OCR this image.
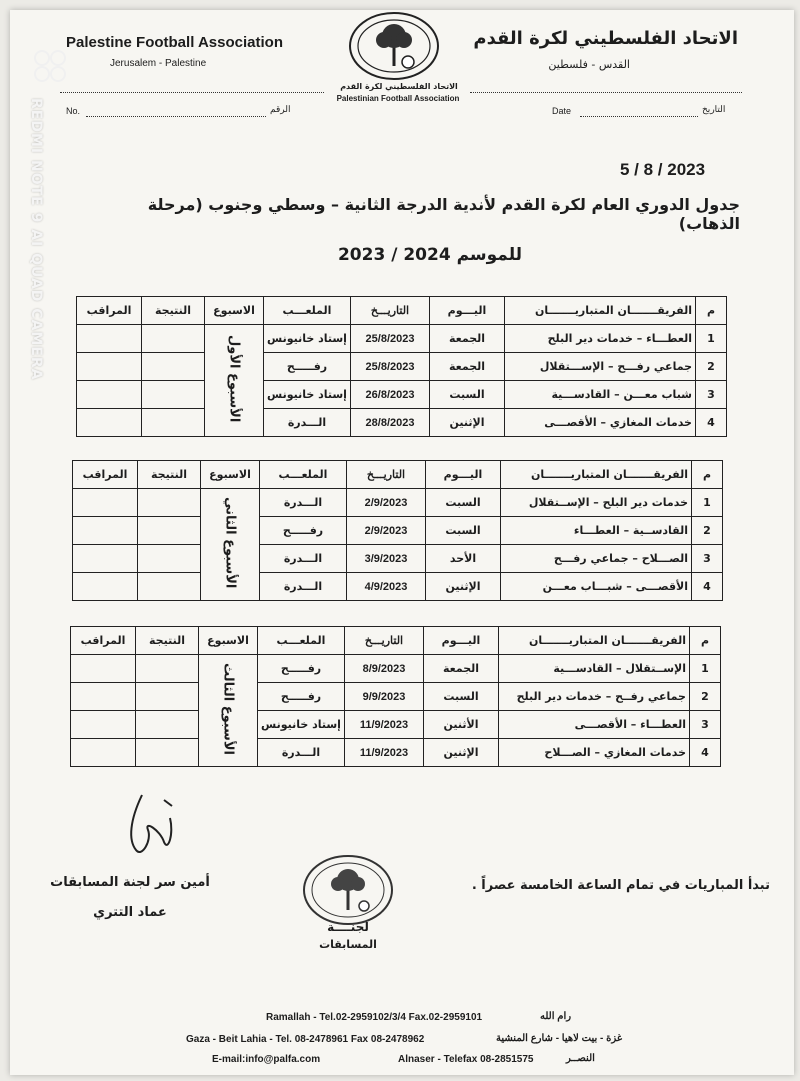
REDMI NOTE 9 AI QUAD CAMERA
Palestine Football Association
Jerusalem - Palestine
الاتحاد الفلسطيني لكرة القدم
القدس - فلسطين
الاتحاد الفلسطيني لكرة القدم
Palestinian Football Association
No.	الرقم	Date	التاريخ
5 / 8 / 2023
جدول الدوري العام لكرة القدم لأندية الدرجة الثانية – وسطي وجنوب (مرحلة الذهاب)
للموسم 2024 / 2023
م	الفريقـــــــان المتباريـــــــان	اليـــوم	التاريـــخ	الملعـــب	الاسبوع	النتيجة	المراقب
1	العطـــاء – خدمات دير البلح	الجمعة	25/8/2023	إستاد خانيونس	الأسبوع الأول		
2	جماعي رفـــح – الإســـتقلال	الجمعة	25/8/2023	رفـــــح			
3	شباب معـــن – القادســـية	السبت	26/8/2023	إستاد خانيونس			
4	خدمات المغازي – الأقصـــى	الإثنين	28/8/2023	الـــدرة			
م	الفريقـــــــان المتباريـــــــان	اليـــوم	التاريـــخ	الملعـــب	الاسبوع	النتيجة	المراقب
1	خدمات دير البلح – الإســتقلال	السبت	2/9/2023	الـــدرة	الأسبوع الثاني		
2	القادســية – العطـــاء	السبت	2/9/2023	رفـــــح			
3	الصـــلاح – جماعي رفـــح	الأحد	3/9/2023	الـــدرة			
4	الأقصـــى – شبـــاب معـــن	الإثنين	4/9/2023	الـــدرة			
م	الفريقـــــــان المتباريـــــــان	اليـــوم	التاريـــخ	الملعـــب	الاسبوع	النتيجة	المراقب
1	الإســتقلال – القادســـية	الجمعة	8/9/2023	رفـــــح	الأسبوع الثالث		
2	جماعي رفــح – خدمات دير البلح	السبت	9/9/2023	رفـــــح			
3	العطـــاء – الأقصـــى	الأثنين	11/9/2023	إستاد خانيونس			
4	خدمات المغازي – الصـــلاح	الإثنين	11/9/2023	الـــدرة			
أمين سر لجنة المسابقات
عماد التتري
تبدأ المباريات في تمام الساعة الخامسة عصراً .
لجنــــة
المسابقات
Ramallah - Tel.02-2959102/3/4 Fax.02-2959101	رام الله
Gaza - Beit Lahia - Tel. 08-2478961 Fax 08-2478962	غزة - بيت لاهيا - شارع المنشية
E-mail:info@palfa.com	Alnaser - Telefax 08-2851575	النصــر
